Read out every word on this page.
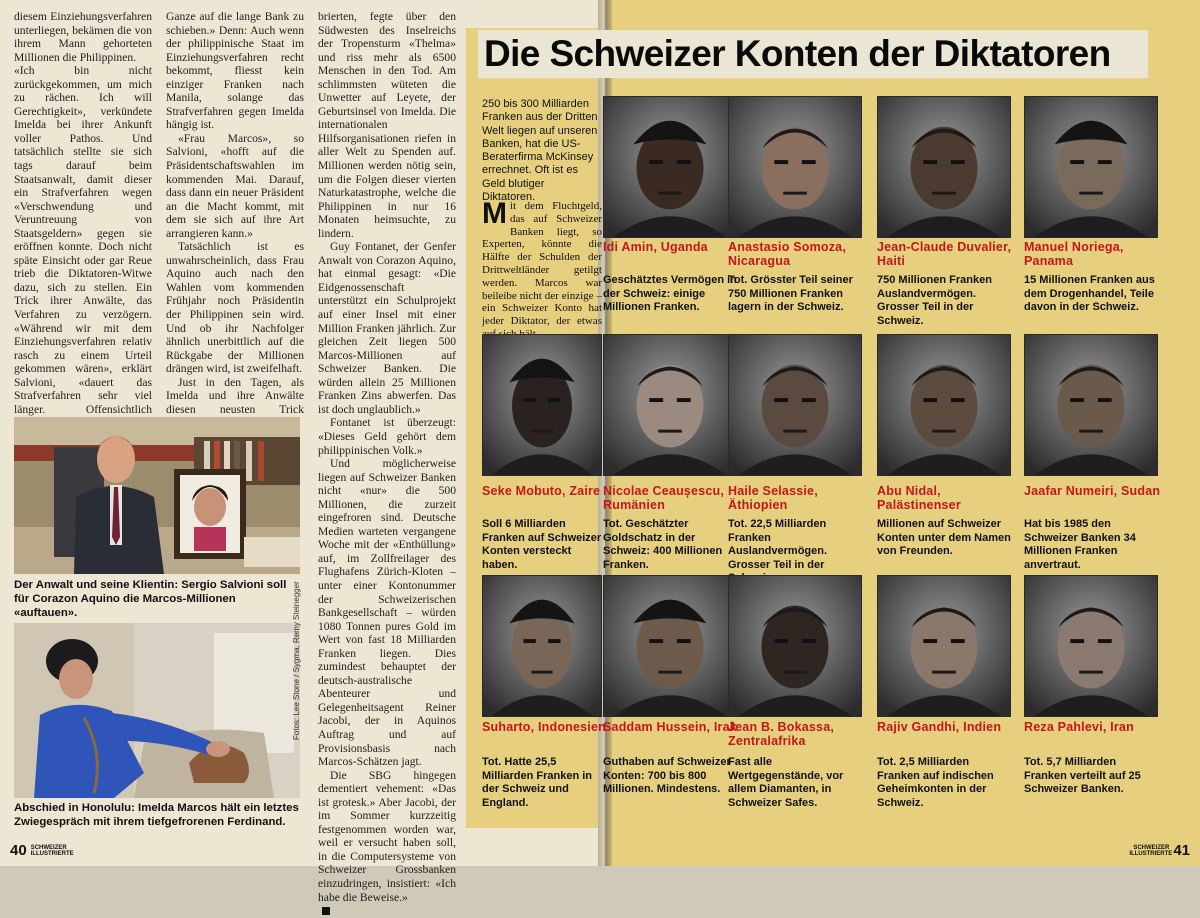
diesem Einziehungsverfahren unterliegen, bekämen die von ihrem Mann gehorteten Millionen die Philippinen.

«Ich bin nicht zurückgekommen, um mich zu rächen. Ich will Gerechtigkeit», verkündete Imelda bei ihrer Ankunft voller Pathos. Und tatsächlich stellte sie sich tags darauf beim Staatsanwalt, damit dieser ein Strafverfahren wegen «Verschwendung und Veruntreuung von Staatsgeldern» gegen sie eröffnen konnte. Doch nicht späte Einsicht oder gar Reue trieb die Diktatoren-Witwe dazu, sich zu stellen. Ein Trick ihrer Anwälte, das Verfahren zu verzögern. «Während wir mit dem Einziehungsverfahren relativ rasch zu einem Urteil gekommen wären», erklärt Salvioni, «dauert das Strafverfahren sehr viel länger. Offensichtlich

Ganze auf die lange Bank zu schieben.» Denn: Auch wenn der philippinische Staat im Einziehungsverfahren recht bekommt, fliesst kein einziger Franken nach Manila, solange das Strafverfahren gegen Imelda hängig ist.

«Frau Marcos», so Salvioni, «hofft auf die Präsidentschaftswahlen im kommenden Mai. Darauf, dass dann ein neuer Präsident an die Macht kommt, mit dem sie sich auf ihre Art arrangieren kann.»

Tatsächlich ist es unwahrscheinlich, dass Frau Aquino auch nach den Wahlen vom kommenden Frühjahr noch Präsidentin der Philippinen sein wird. Und ob ihr Nachfolger ähnlich unerbittlich auf die Rückgabe der Millionen drängen wird, ist zweifelhaft.

Just in den Tagen, als Imelda und ihre Anwälte diesen neusten Trick

brierten, fegte über den Südwesten des Inselreichs der Tropensturm «Thelma» und riss mehr als 6500 Menschen in den Tod. Am schlimmsten wüteten die Unwetter auf Leyete, der Geburtsinsel von Imelda. Die internationalen Hilfsorganisationen riefen in aller Welt zu Spenden auf. Millionen werden nötig sein, um die Folgen dieser vierten Naturkatastrophe, welche die Philippinen in nur 16 Monaten heimsuchte, zu lindern.

Guy Fontanet, der Genfer Anwalt von Corazon Aquino, hat einmal gesagt: «Die Eidgenossenschaft unterstützt ein Schulprojekt auf einer Insel mit einer Million Franken jährlich. Zur gleichen Zeit liegen 500 Marcos-Millionen auf Schweizer Banken. Die würden allein 25 Millionen Franken Zins abwerfen. Das ist doch unglaublich.»

Fontanet ist überzeugt: «Dieses Geld gehört dem philippinischen Volk.»

Und möglicherweise liegen auf Schweizer Banken nicht «nur» die 500 Millionen, die zurzeit eingefroren sind. Deutsche Medien warteten vergangene Woche mit der «Enthüllung» auf, im Zollfreilager des Flughafens Zürich-Kloten – unter einer Kontonummer der Schweizerischen Bankgesellschaft – würden 1080 Tonnen pures Gold im Wert von fast 18 Milliarden Franken liegen. Dies zumindest behauptet der deutsch-australische Abenteurer und Gelegenheitsagent Reiner Jacobi, der in Aquinos Auftrag und auf Provisionsbasis nach Marcos-Schätzen jagt.

Die SBG hingegen dementiert vehement: «Das ist grotesk.» Aber Jacobi, der im Sommer kurzzeitig festgenommen worden war, weil er versucht haben soll, in die Computersysteme von Schweizer Grossbanken einzudringen, insistiert: «Ich habe die Beweise.»

Der Anwalt und seine Klientin: Sergio Salvioni soll für Corazon Aquino die Marcos-Millionen «auftauen».	Fotos: Lee Stone / Sygma, Remy Steinegger
Abschied in Honolulu: Imelda Marcos hält ein letztes Zwiegespräch mit ihrem tiefgefrorenen Ferdinand.
40 SCHWEIZER ILLUSTRIERTE
Die Schweizer Konten der Diktatoren
250 bis 300 Milliarden Franken aus der Dritten Welt liegen auf unseren Banken, hat die US-Beraterfirma McKinsey errechnet. Oft ist es Geld blutiger Diktatoren.
Mit dem Fluchtgeld, das auf Schweizer Banken liegt, so Experten, könnte die Hälfte der Schulden der Drittweltländer getilgt werden. Marcos war beileibe nicht der einzige – ein Schweizer Konto hat jeder Diktator, der etwas
Idi Amin, Uganda
Geschätztes Vermögen in der Schweiz: einige Millionen Franken.
Anastasio Somoza, Nicaragua
Tot. Grösster Teil seiner 750 Millionen Franken lagern in der Schweiz.
Jean-Claude Duvalier, Haiti
750 Millionen Franken Auslandvermögen. Grosser Teil in der Schweiz.
Manuel Noriega, Panama
15 Millionen Franken aus dem Drogenhandel, Teile davon in der Schweiz.
Seke Mobuto, Zaire
Soll 6 Milliarden Franken auf Schweizer Konten versteckt haben.
Nicolae Ceaușescu, Rumänien
Tot. Geschätzter Goldschatz in der Schweiz: 400 Millionen Franken.
Haile Selassie, Äthiopien
Tot. 22,5 Milliarden Franken Auslandvermögen. Grosser Teil in der
Abu Nidal, Palästinenser
Millionen auf Schweizer Konten unter dem Namen von Freunden.
Jaafar Numeiri, Sudan
Hat bis 1985 den Schweizer Banken 34 Millionen Franken anvertraut.
Suharto, Indonesien
Tot. Hatte 25,5 Milliarden Franken in der Schweiz und England.
Saddam Hussein, Irak
Guthaben auf Schweizer Konten: 700 bis 800 Millionen. Mindestens.
Jean B. Bokassa, Zentralafrika
Fast alle Wertgegenstände, vor allem Diamanten, in Schweizer Safes.
Rajiv Gandhi, Indien
Tot. 2,5 Milliarden Franken auf indischen Geheimkonten in der Schweiz.
Reza Pahlevi, Iran
Tot. 5,7 Milliarden Franken verteilt auf 25 Schweizer Banken.
SCHWEIZER ILLUSTRIERTE41
